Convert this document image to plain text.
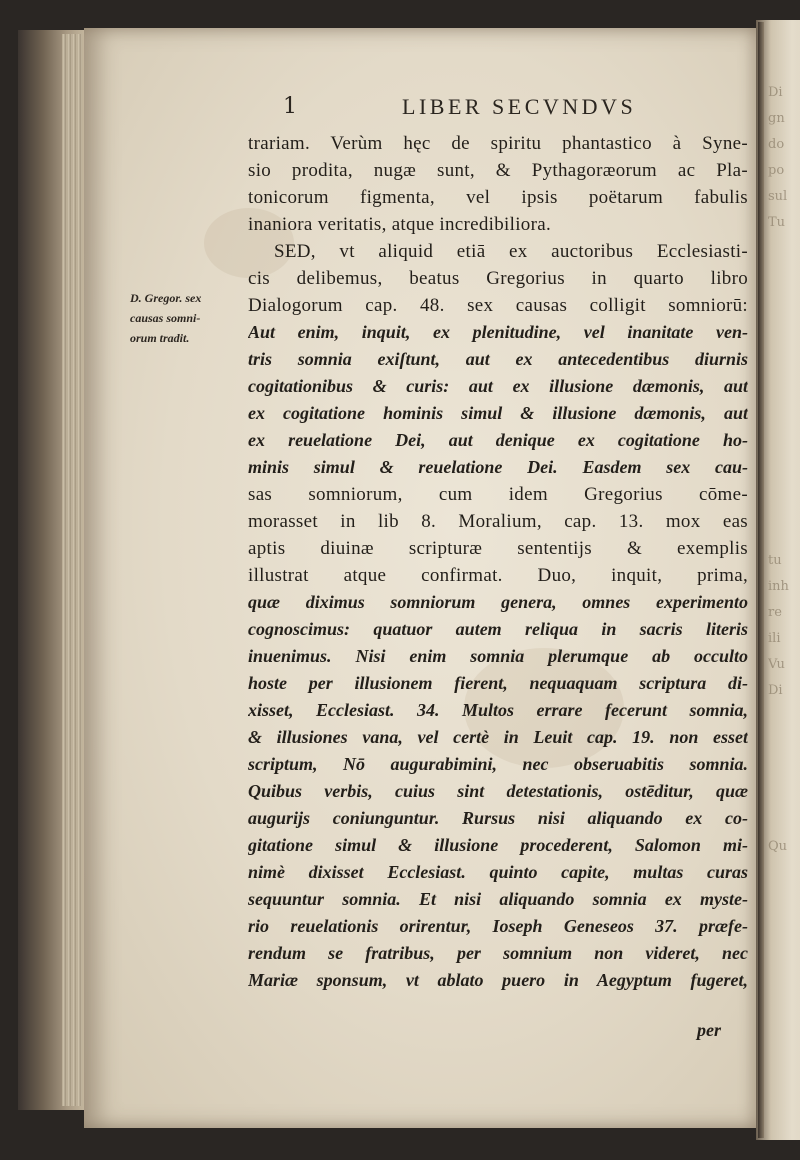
Di
gn
do
po
sul
Tu
tu
inh
re
ili
Vu
Di
Qu
1	LIBER SECVNDVS
D. Gregor. sex
causas somni-
orum tradit.
trariam. Verùm hęc de spiritu phantastico à Syne-
sio prodita, nugæ sunt, & Pythagoræorum ac Pla-
tonicorum figmenta, vel ipsis poëtarum fabulis
inaniora veritatis, atque incredibiliora.
SED, vt aliquid etiā ex auctoribus Ecclesiasti-
cis delibemus, beatus Gregorius in quarto libro
Dialogorum cap. 48. sex causas colligit somniorū:
Aut enim, inquit, ex plenitudine, vel inanitate ven-
tris somnia exiſtunt, aut ex antecedentibus diurnis
cogitationibus & curis: aut ex illusione dæmonis, aut
ex cogitatione hominis simul & illusione dæmonis, aut
ex reuelatione Dei, aut denique ex cogitatione ho-
minis simul & reuelatione Dei. Easdem sex cau-
sas somniorum, cum idem Gregorius cōme-
morasset in lib 8. Moralium, cap. 13. mox eas
aptis diuinæ scripturæ sententijs & exemplis
illustrat atque confirmat. Duo, inquit, prima,
quæ diximus somniorum genera, omnes experimento
cognoscimus: quatuor autem reliqua in sacris literis
inuenimus. Nisi enim somnia plerumque ab occulto
hoste per illusionem fierent, nequaquam scriptura di-
xisset, Ecclesiast. 34. Multos errare fecerunt somnia,
& illusiones vana, vel certè in Leuit cap. 19. non esset
scriptum, Nō augurabimini, nec obseruabitis somnia.
Quibus verbis, cuius sint detestationis, ostēditur, quæ
augurijs coniunguntur. Rursus nisi aliquando ex co-
gitatione simul & illusione procederent, Salomon mi-
nimè dixisset Ecclesiast. quinto capite, multas curas
sequuntur somnia. Et nisi aliquando somnia ex myste-
rio reuelationis orirentur, Ioseph Geneseos 37. præfe-
rendum se fratribus, per somnium non videret, nec
Mariæ sponsum, vt ablato puero in Aegyptum fugeret,
per
